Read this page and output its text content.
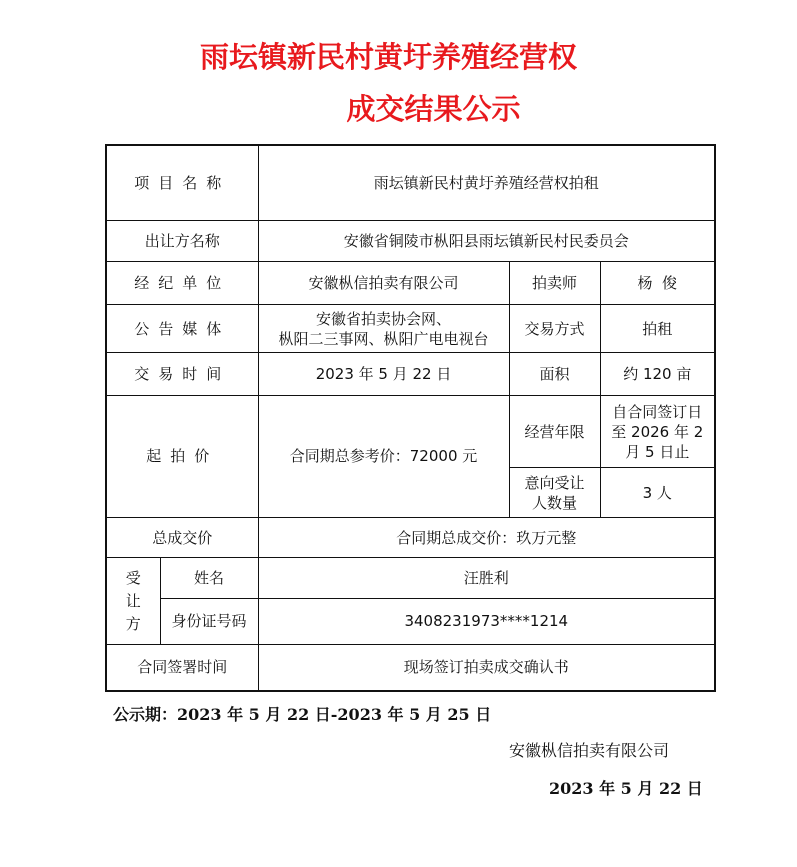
雨坛镇新民村黄圩养殖经营权
成交结果公示
项目名称		雨坛镇新民村黄圩养殖经营权拍租		
出让方名称		安徽省铜陵市枞阳县雨坛镇新民村民委员会		
经纪单位		安徽枞信拍卖有限公司	拍卖师	杨  俊
公告媒体		安徽省拍卖协会网、
枞阳二三事网、枞阳广电电视台	交易方式	拍租
交易时间		2023 年 5 月 22 日	面积	约 120 亩
起拍价		合同期总参考价：72000 元	经营年限	自合同签订日
至 2026 年 2
月 5 日止

			意向受让
人数量	3 人
总成交价		合同期总成交价：玖万元整		

受
让
方	姓名	汪胜利		
	身份证号码	3408231973****1214		
合同签署时间		现场签订拍卖成交确认书		

公示期：2023 年 5 月 22 日-2023 年 5 月 25 日

安徽枞信拍卖有限公司

2023 年 5 月 22 日
